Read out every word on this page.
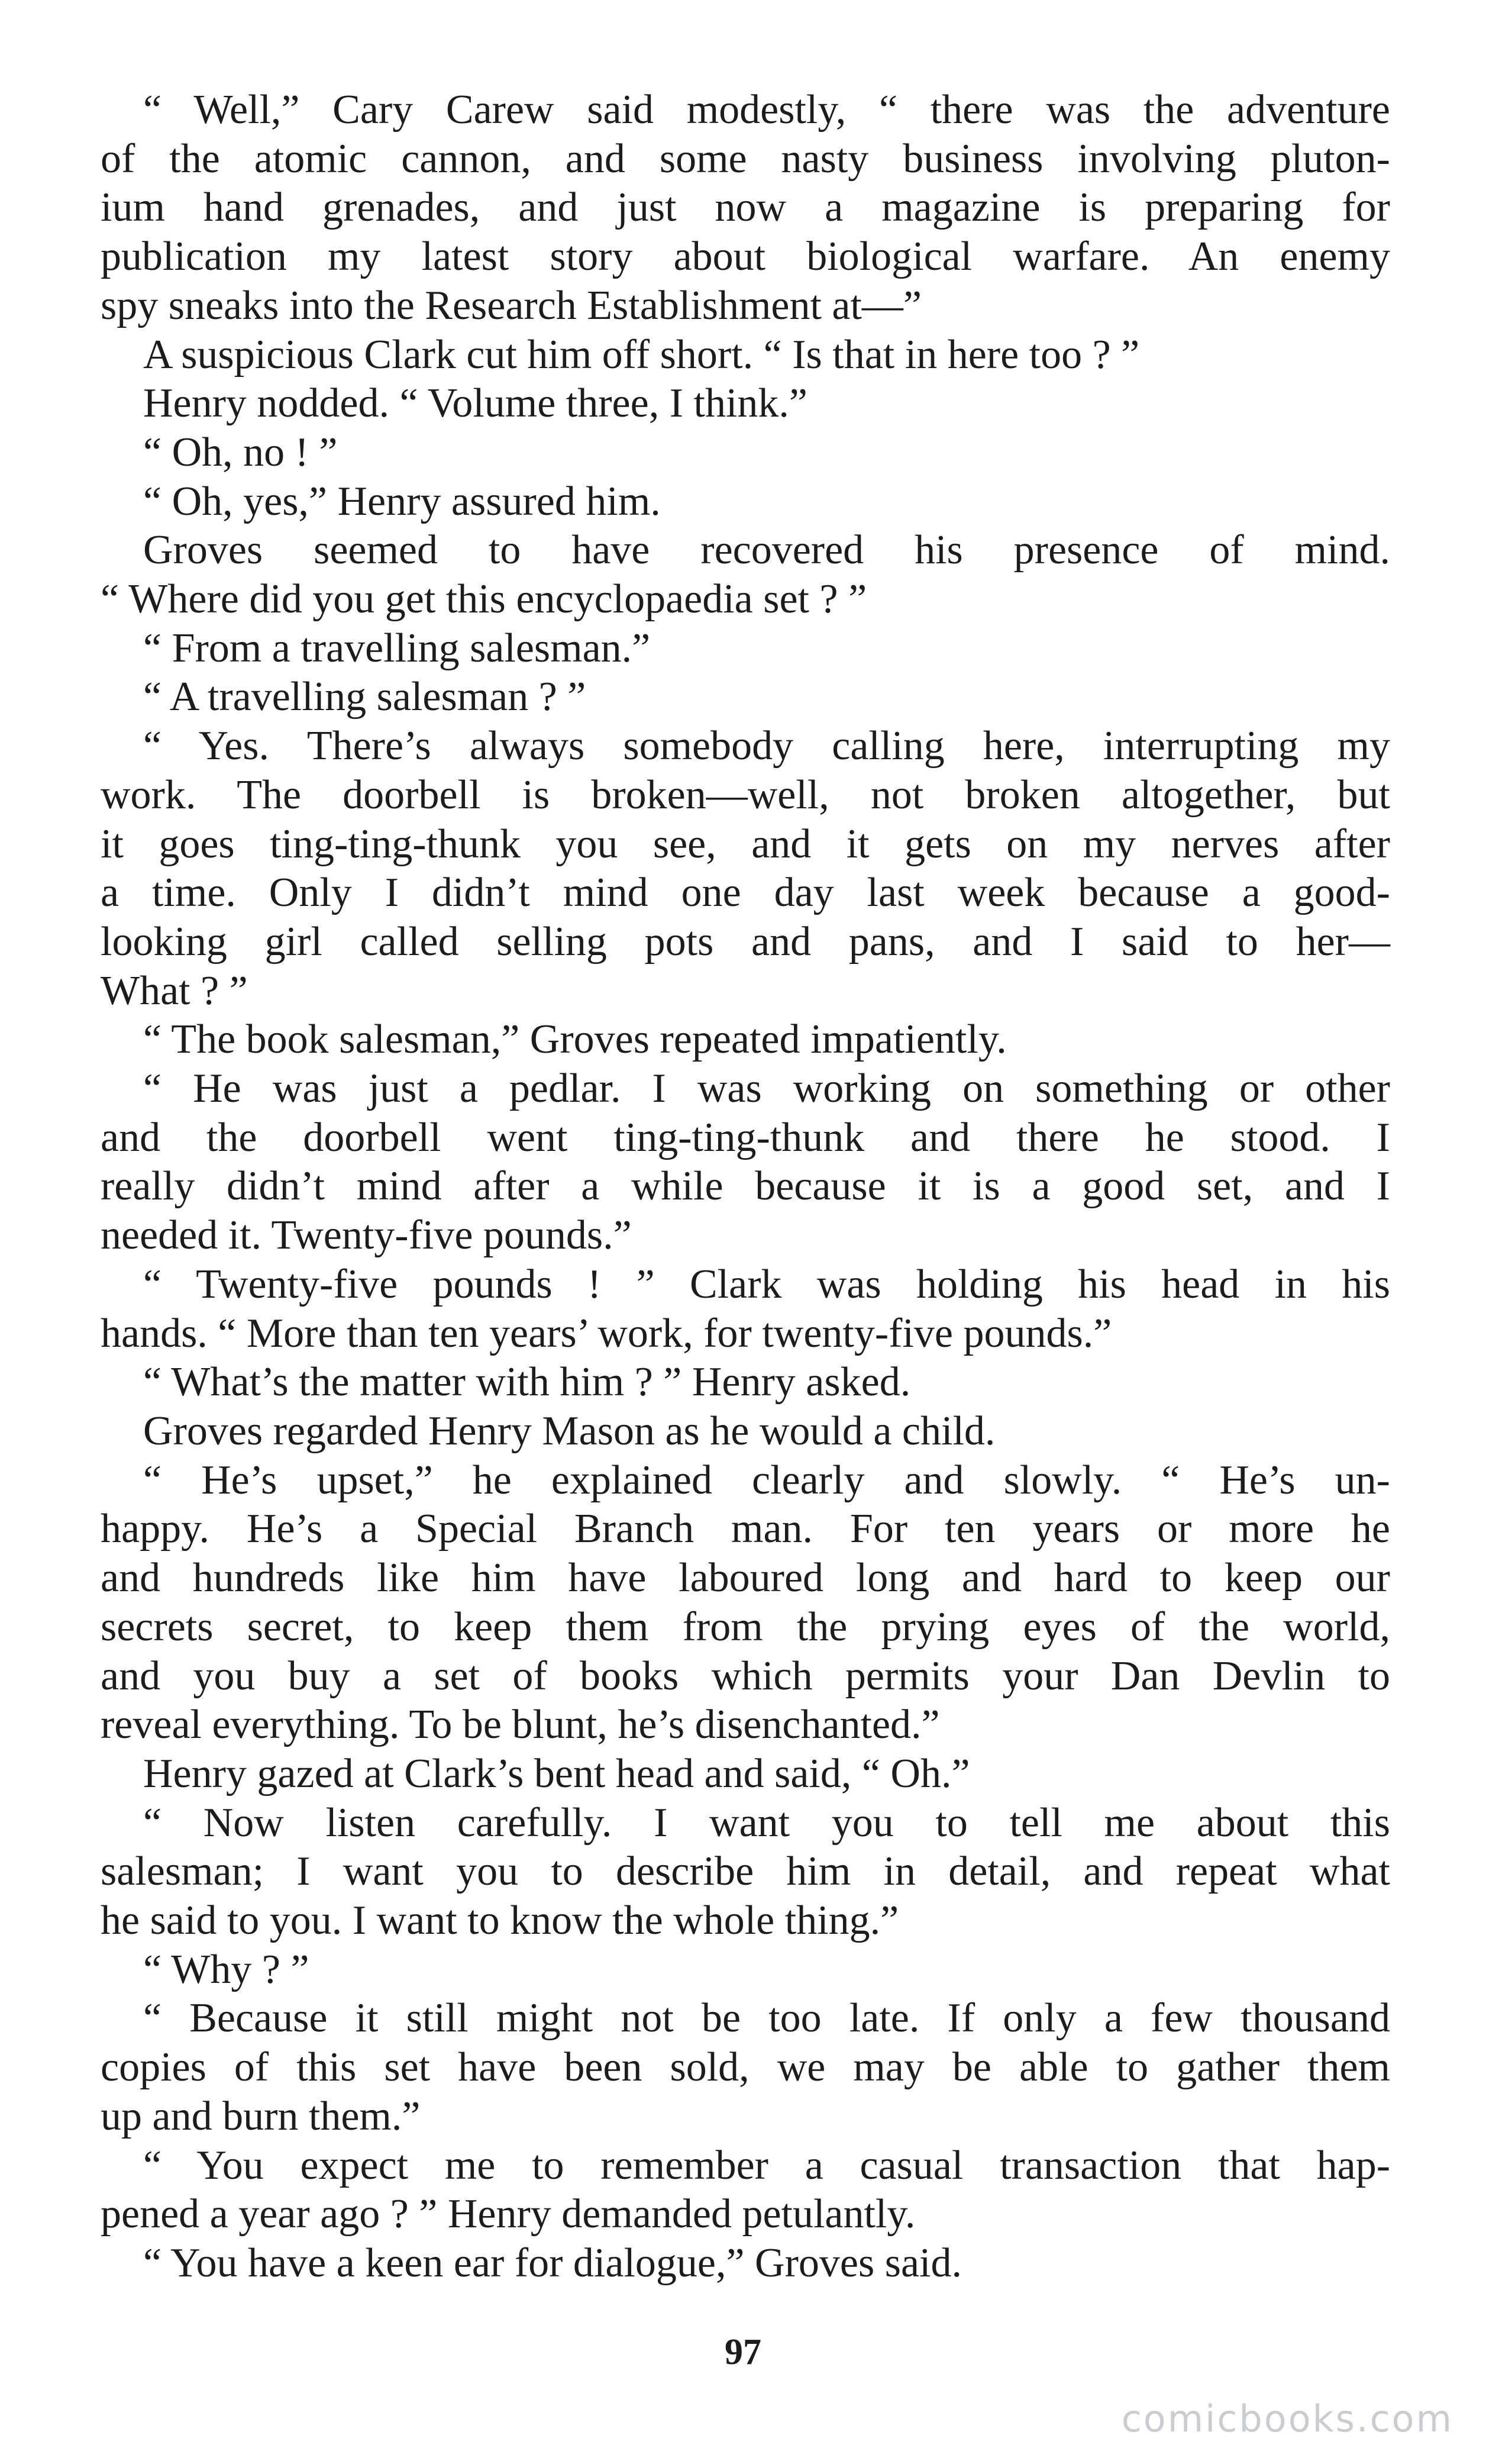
“ Well,” Cary Carew said modestly, “ there was the adventure
of the atomic cannon, and some nasty business involving pluton-
ium hand grenades, and just now a magazine is preparing for
publication my latest story about biological warfare. An enemy
spy sneaks into the Research Establishment at—”
A suspicious Clark cut him off short. “ Is that in here too ? ”
Henry nodded. “ Volume three, I think.”
“ Oh, no ! ”
“ Oh, yes,” Henry assured him.
Groves seemed to have recovered his presence of mind.
“ Where did you get this encyclopaedia set ? ”
“ From a travelling salesman.”
“ A travelling salesman ? ”
“ Yes. There’s always somebody calling here, interrupting my
work. The doorbell is broken—well, not broken altogether, but
it goes ting-ting-thunk you see, and it gets on my nerves after
a time. Only I didn’t mind one day last week because a good-
looking girl called selling pots and pans, and I said to her—
What ? ”
“ The book salesman,” Groves repeated impatiently.
“ He was just a pedlar. I was working on something or other
and the doorbell went ting-ting-thunk and there he stood. I
really didn’t mind after a while because it is a good set, and I
needed it. Twenty-five pounds.”
“ Twenty-five pounds ! ” Clark was holding his head in his
hands. “ More than ten years’ work, for twenty-five pounds.”
“ What’s the matter with him ? ” Henry asked.
Groves regarded Henry Mason as he would a child.
“ He’s upset,” he explained clearly and slowly. “ He’s un-
happy. He’s a Special Branch man. For ten years or more he
and hundreds like him have laboured long and hard to keep our
secrets secret, to keep them from the prying eyes of the world,
and you buy a set of books which permits your Dan Devlin to
reveal everything. To be blunt, he’s disenchanted.”
Henry gazed at Clark’s bent head and said, “ Oh.”
“ Now listen carefully. I want you to tell me about this
salesman; I want you to describe him in detail, and repeat what
he said to you. I want to know the whole thing.”
“ Why ? ”
“ Because it still might not be too late. If only a few thousand
copies of this set have been sold, we may be able to gather them
up and burn them.”
“ You expect me to remember a casual transaction that hap-
pened a year ago ? ” Henry demanded petulantly.
“ You have a keen ear for dialogue,” Groves said.
97
comicbooks.com
